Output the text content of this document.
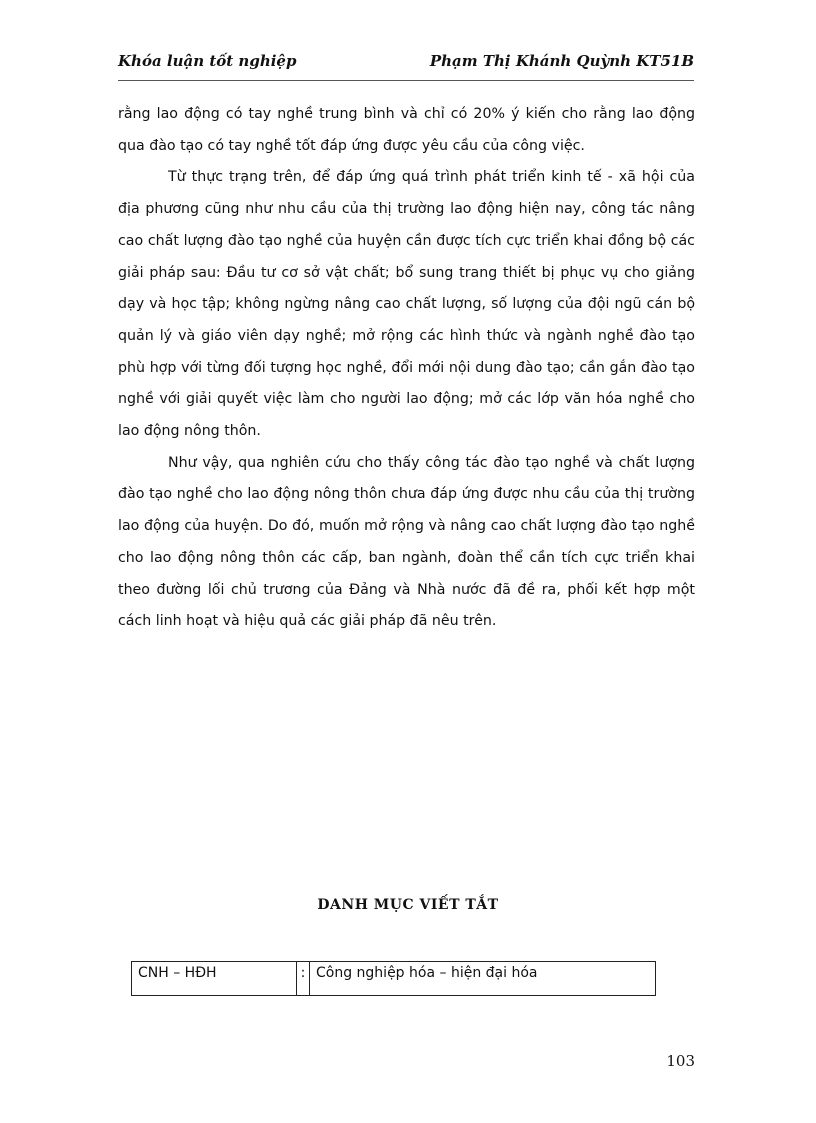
Khóa luận tốt nghiệp	Phạm Thị Khánh Quỳnh KT51B

rằng lao động có tay nghề trung bình và chỉ có 20% ý kiến cho rằng lao động qua đào tạo có tay nghề tốt đáp ứng được yêu cầu của công việc.

Từ thực trạng trên, để đáp ứng quá trình phát triển kinh tế - xã hội của địa phương cũng như nhu cầu của thị trường lao động hiện nay, công tác nâng cao chất lượng đào tạo nghề của huyện cần được tích cực triển khai đồng bộ các giải pháp sau: Đầu tư cơ sở vật chất; bổ sung trang thiết bị phục vụ cho giảng dạy và học tập; không ngừng nâng cao chất lượng, số lượng của đội ngũ cán bộ quản lý và giáo viên dạy nghề; mở rộng các hình thức và ngành nghề đào tạo phù hợp với từng đối tượng học nghề, đổi mới nội dung đào tạo; cần gắn đào tạo nghề với giải quyết việc làm cho người lao động; mở các lớp văn hóa nghề cho lao động nông thôn.

Như vậy, qua nghiên cứu cho thấy công tác đào tạo nghề và chất lượng đào tạo nghề cho lao động nông thôn chưa đáp ứng được nhu cầu của thị trường lao động của huyện. Do đó, muốn mở rộng và nâng cao chất lượng đào tạo nghề cho lao động nông thôn các cấp, ban ngành, đoàn thể cần tích cực triển khai theo đường lối chủ trương của Đảng và Nhà nước đã đề ra, phối kết hợp một cách linh hoạt và hiệu quả các giải pháp đã nêu trên.

DANH MỤC VIẾT TẮT
CNH – HĐH	:	Công nghiệp hóa – hiện đại hóa
103
